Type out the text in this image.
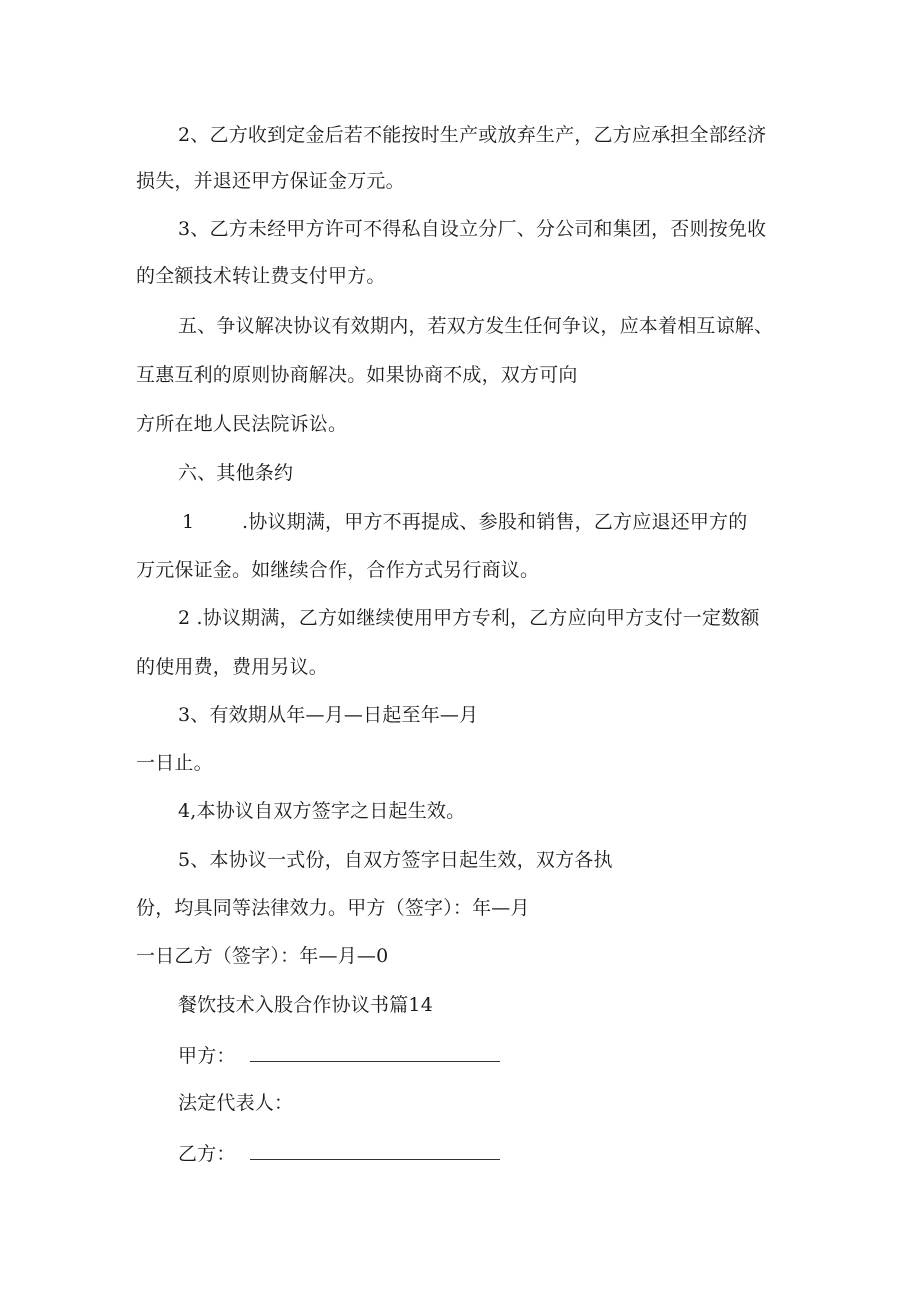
2、乙方收到定金后若不能按时生产或放弃生产，乙方应承担全部经济
损失，并退还甲方保证金万元。
3、乙方未经甲方许可不得私自设立分厂、分公司和集团，否则按免收
的全额技术转让费支付甲方。
五、争议解决协议有效期内，若双方发生任何争议，应本着相互谅解、
互惠互利的原则协商解决。如果协商不成，双方可向
方所在地人民法院诉讼。
六、其他条约
1	.协议期满，甲方不再提成、参股和销售，乙方应退还甲方的
万元保证金。如继续合作，合作方式另行商议。
2 .协议期满，乙方如继续使用甲方专利，乙方应向甲方支付一定数额
的使用费，费用另议。
3、有效期从年—月—日起至年—月
一日止。
4,本协议自双方签字之日起生效。
5、本协议一式份，自双方签字日起生效，双方各执
份，均具同等法律效力。甲方（签字）：年—月
一日乙方（签字）：年—月—0
餐饮技术入股合作协议书篇14
甲方：
法定代表人：
乙方：
